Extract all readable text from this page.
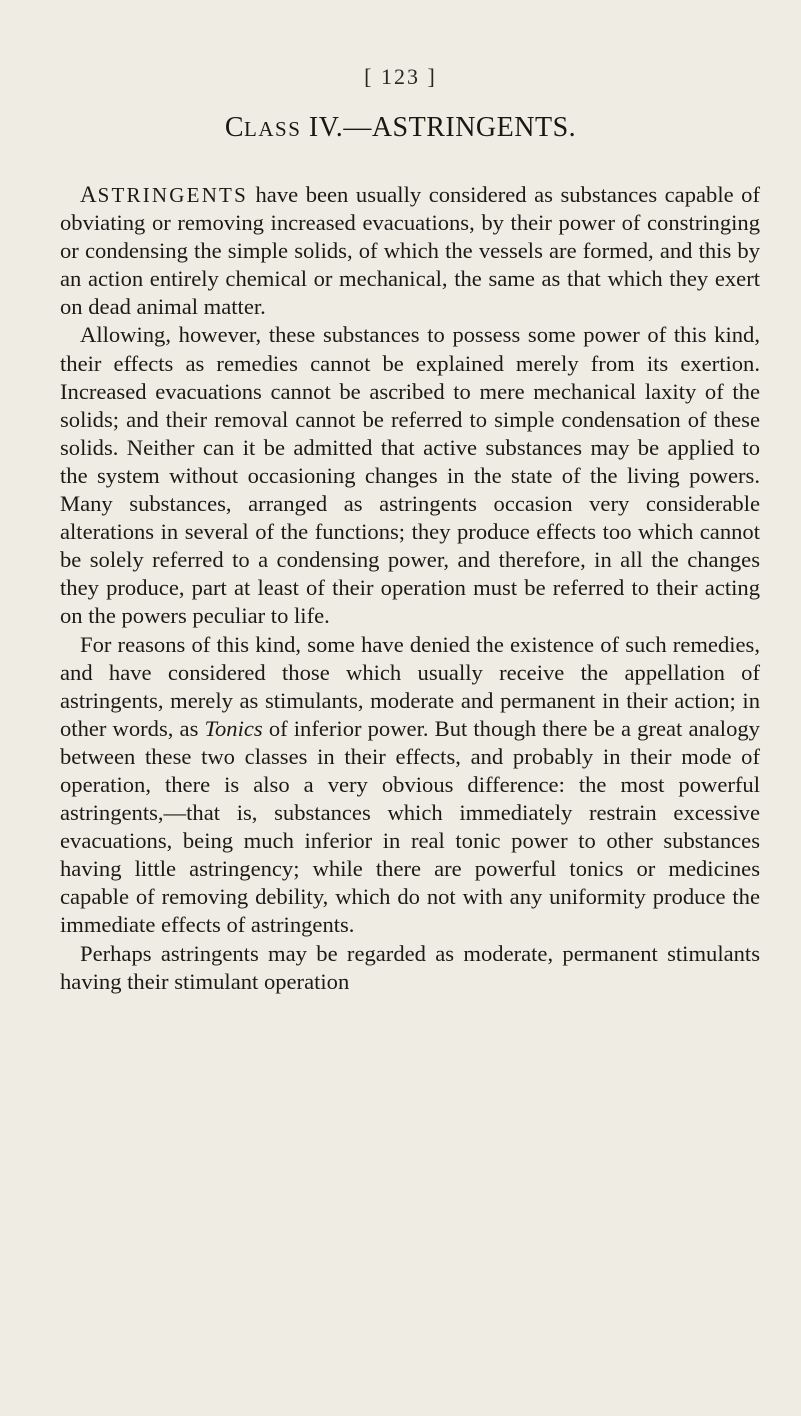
[ 123 ]
CLASS IV.—ASTRINGENTS.

ASTRINGENTS have been usually considered as substances capable of obviating or removing increased evacuations, by their power of constringing or condensing the simple solids, of which the vessels are formed, and this by an action entirely chemical or mechanical, the same as that which they exert on dead animal matter.

Allowing, however, these substances to possess some power of this kind, their effects as remedies cannot be explained merely from its exertion. Increased evacuations cannot be ascribed to mere mechanical laxity of the solids; and their removal cannot be referred to simple condensation of these solids. Neither can it be admitted that active substances may be applied to the system without occasioning changes in the state of the living powers. Many substances, arranged as astringents occasion very considerable alterations in several of the functions; they produce effects too which cannot be solely referred to a condensing power, and therefore, in all the changes they produce, part at least of their operation must be referred to their acting on the powers peculiar to life.

For reasons of this kind, some have denied the existence of such remedies, and have considered those which usually receive the appellation of astringents, merely as stimulants, moderate and permanent in their action; in other words, as Tonics of inferior power. But though there be a great analogy between these two classes in their effects, and probably in their mode of operation, there is also a very obvious difference: the most powerful astringents,—that is, substances which immediately restrain excessive evacuations, being much inferior in real tonic power to other substances having little astringency; while there are powerful tonics or medicines capable of removing debility, which do not with any uniformity produce the immediate effects of astringents.

Perhaps astringents may be regarded as moderate, permanent stimulants having their stimulant operation
